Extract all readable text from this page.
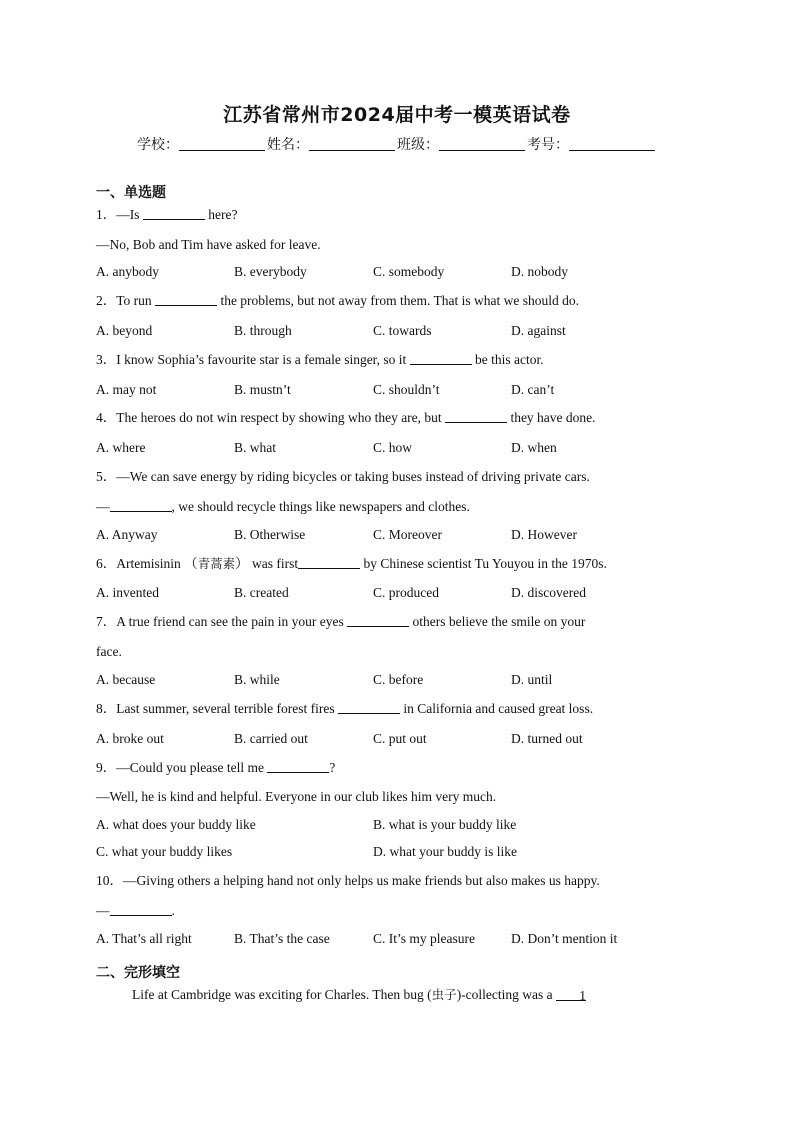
江苏省常州市2024届中考一模英语试卷
学校：	姓名：	班级：	考号：
一、单选题
1．—Is	here?
—No, Bob and Tim have asked for leave.
A. anybody	B. everybody	C. somebody	D. nobody
2．To run	the problems, but not away from them. That is what we should do.
A. beyond	B. through	C. towards	D. against
3．I know Sophia’s favourite star is a female singer, so it	be this actor.
A. may not	B. mustn’t	C. shouldn’t	D. can’t
4．The heroes do not win respect by showing who they are, but	they have done.
A. where	B. what	C. how	D. when
5．—We can save energy by riding bicycles or taking buses instead of driving private cars.
—	, we should recycle things like newspapers and clothes.
A. Anyway	B. Otherwise	C. Moreover	D. However
6．Artemisinin （青蒿素） was first	by Chinese scientist Tu Youyou in the 1970s.
A. invented	B. created	C. produced	D. discovered
7．A true friend can see the pain in your eyes	others believe the smile on your
face.
A. because	B. while	C. before	D. until
8．Last summer, several terrible forest fires	in California and caused great loss.
A. broke out	B. carried out	C. put out	D. turned out
9．—Could you please tell me	?
—Well, he is kind and helpful. Everyone in our club likes him very much.
A. what does your buddy like	B. what is your buddy like
C. what your buddy likes	D. what your buddy is like
10．—Giving others a helping hand not only helps us make friends but also makes us happy.
—	.
A. That’s all right	B. That’s the case	C. It’s my pleasure	D. Don’t mention it
二、完形填空
Life at Cambridge was exciting for Charles. Then bug (虫子)-collecting was a 1
